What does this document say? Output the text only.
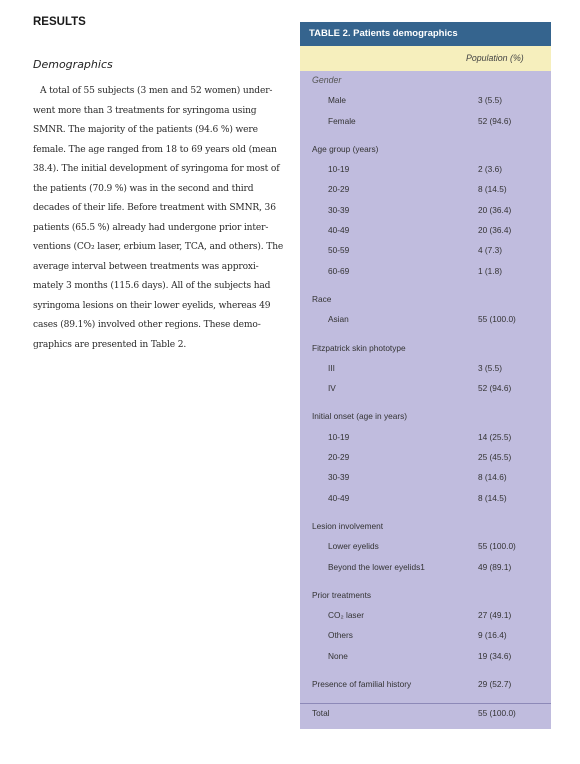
RESULTS
Demographics
A total of 55 subjects (3 men and 52 women) under-
went more than 3 treatments for syringoma using
SMNR. The majority of the patients (94.6 %) were
female. The age ranged from 18 to 69 years old (mean
38.4). The initial development of syringoma for most of
the patients (70.9 %) was in the second and third
decades of their life. Before treatment with SMNR, 36
patients (65.5 %) already had undergone prior inter-
ventions (CO₂ laser, erbium laser, TCA, and others). The
average interval between treatments was approxi-
mately 3 months (115.6 days). All of the subjects had
syringoma lesions on their lower eyelids, whereas 49
cases (89.1%) involved other regions. These demo-
graphics are presented in Table 2.
TABLE 2. Patients demographics
Population (%)
Gender
Male	3 (5.5)
Female	52 (94.6)
Age group (years)
10-19	2 (3.6)
20-29	8 (14.5)
30-39	20 (36.4)
40-49	20 (36.4)
50-59	4 (7.3)
60-69	1 (1.8)
Race
Asian	55 (100.0)
Fitzpatrick skin phototype
III	3 (5.5)
IV	52 (94.6)
Initial onset (age in years)
10-19	14 (25.5)
20-29	25 (45.5)
30-39	8 (14.6)
40-49	8 (14.5)
Lesion involvement
Lower eyelids	55 (100.0)
Beyond the lower eyelids1	49 (89.1)
Prior treatments
CO₂ laser	27 (49.1)
Others	9 (16.4)
None	19 (34.6)
Presence of familial history	29 (52.7)
Total	55 (100.0)
